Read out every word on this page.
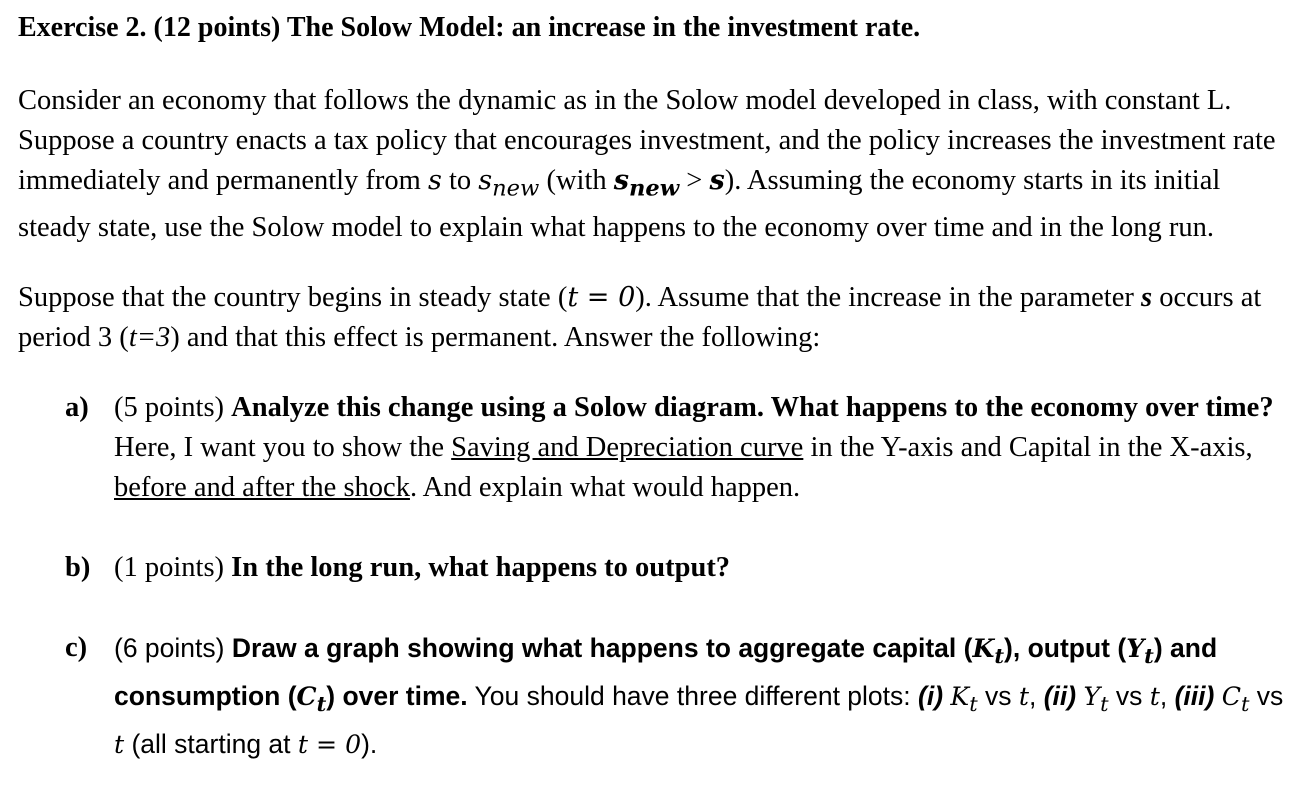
Exercise 2. (12 points) The Solow Model: an increase in the investment rate.

Consider an economy that follows the dynamic as in the Solow model developed in class, with constant L. Suppose a country enacts a tax policy that encourages investment, and the policy increases the investment rate immediately and permanently from s to $s_{new}$ (with $s_{new} > s$). Assuming the economy starts in its initial steady state, use the Solow model to explain what happens to the economy over time and in the long run.

Suppose that the country begins in steady state (t = 0). Assume that the increase in the parameter s occurs at period 3 (t=3) and that this effect is permanent. Answer the following:

a) (5 points) Analyze this change using a Solow diagram. What happens to the economy over time? Here, I want you to show the Saving and Depreciation curve in the Y-axis and Capital in the X-axis, before and after the shock. And explain what would happen.
b) (1 points) In the long run, what happens to output?
c) (6 points) Draw a graph showing what happens to aggregate capital $(K_t)$, output $(Y_t)$ and consumption $(C_t)$ over time. You should have three different plots: (i) $K_t$ vs t, (ii) $Y_t$ vs t, (iii) $C_t$ vs t (all starting at t = 0).
